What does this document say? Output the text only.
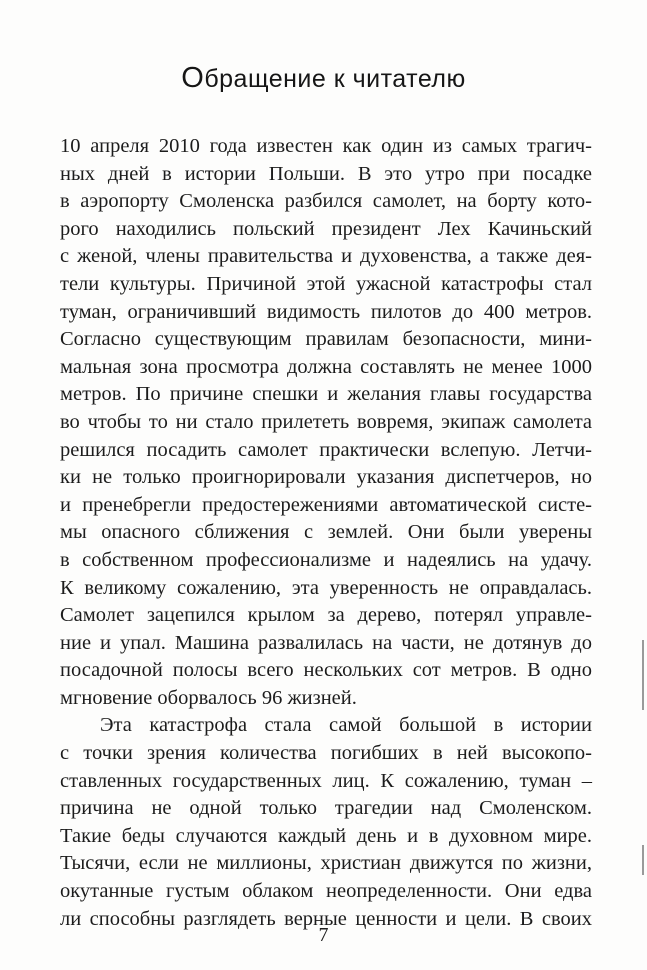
Обращение к читателю

10 апреля 2010 года известен как один из самых трагич-
ных дней в истории Польши. В это утро при посадке
в аэропорту Смоленска разбился самолет, на борту кото-
рого находились польский президент Лех Качиньский
с женой, члены правительства и духовенства, а также дея-
тели культуры. Причиной этой ужасной катастрофы стал
туман, ограничивший видимость пилотов до 400 метров.
Согласно существующим правилам безопасности, мини-
мальная зона просмотра должна составлять не менее 1000
метров. По причине спешки и желания главы государства
во чтобы то ни стало прилететь вовремя, экипаж самолета
решился посадить самолет практически вслепую. Летчи-
ки не только проигнорировали указания диспетчеров, но
и пренебрегли предостережениями автоматической систе-
мы опасного сближения с землей. Они были уверены
в собственном профессионализме и надеялись на удачу.
К великому сожалению, эта уверенность не оправдалась.
Самолет зацепился крылом за дерево, потерял управле-
ние и упал. Машина развалилась на части, не дотянув до
посадочной полосы всего нескольких сот метров. В одно
мгновение оборвалось 96 жизней.

Эта катастрофа стала самой большой в истории
с точки зрения количества погибших в ней высокопо-
ставленных государственных лиц. К сожалению, туман –
причина не одной только трагедии над Смоленском.
Такие беды случаются каждый день и в духовном мире.
Тысячи, если не миллионы, христиан движутся по жизни,
окутанные густым облаком неопределенности. Они едва
ли способны разглядеть верные ценности и цели. В своих

7
